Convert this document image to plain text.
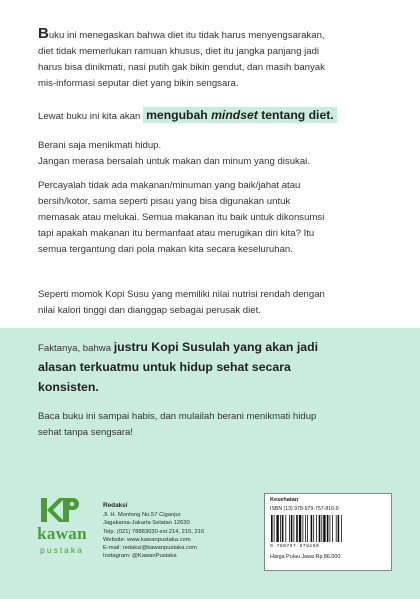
Buku ini menegaskan bahwa diet itu tidak harus menyengsarakan,
diet tidak memerlukan ramuan khusus, diet itu jangka panjang jadi
harus bisa dinikmati, nasi putih gak bikin gendut, dan masih banyak
mis-informasi seputar diet yang bikin sengsara.

Lewat buku ini kita akan mengubah mindset tentang diet.

Berani saja menikmati hidup.
Jangan merasa bersalah untuk makan dan minum yang disukai.

Percayalah tidak ada makanan/minuman yang baik/jahat atau
bersih/kotor, sama seperti pisau yang bisa digunakan untuk
memasak atau melukai. Semua makanan itu baik untuk dikonsumsi
tapi apakah makanan itu bermanfaat atau merugikan diri kita? Itu
semua tergantung dari pola makan kita secara keseluruhan.

Seperti momok Kopi Susu yang memiliki nilai nutrisi rendah dengan
nilai kalori tinggi dan dianggap sebagai perusak diet.

Faktanya, bahwa justru Kopi Susulah yang akan jadi
alasan terkuatmu untuk hidup sehat secara
konsisten.

Baca buku ini sampai habis, dan mulailah berani menikmati hidup
sehat tanpa sengsara!

kawan
pustaka
Redaksi
Jl. H. Montong No.57 Ciganjur
Jagakarsa-Jakarta Selatan 12630
Telp. (021) 78883030 ext.214, 215, 216
Website: www.kawanpustaka.com
E-mail: redaksi@kawanpustaka.com
Instagram: @KawanPustaka
Kesehatan
ISBN (13) 978-979-757-816-9
9 789797 578169
Harga Pulau Jawa Rp 86.000
